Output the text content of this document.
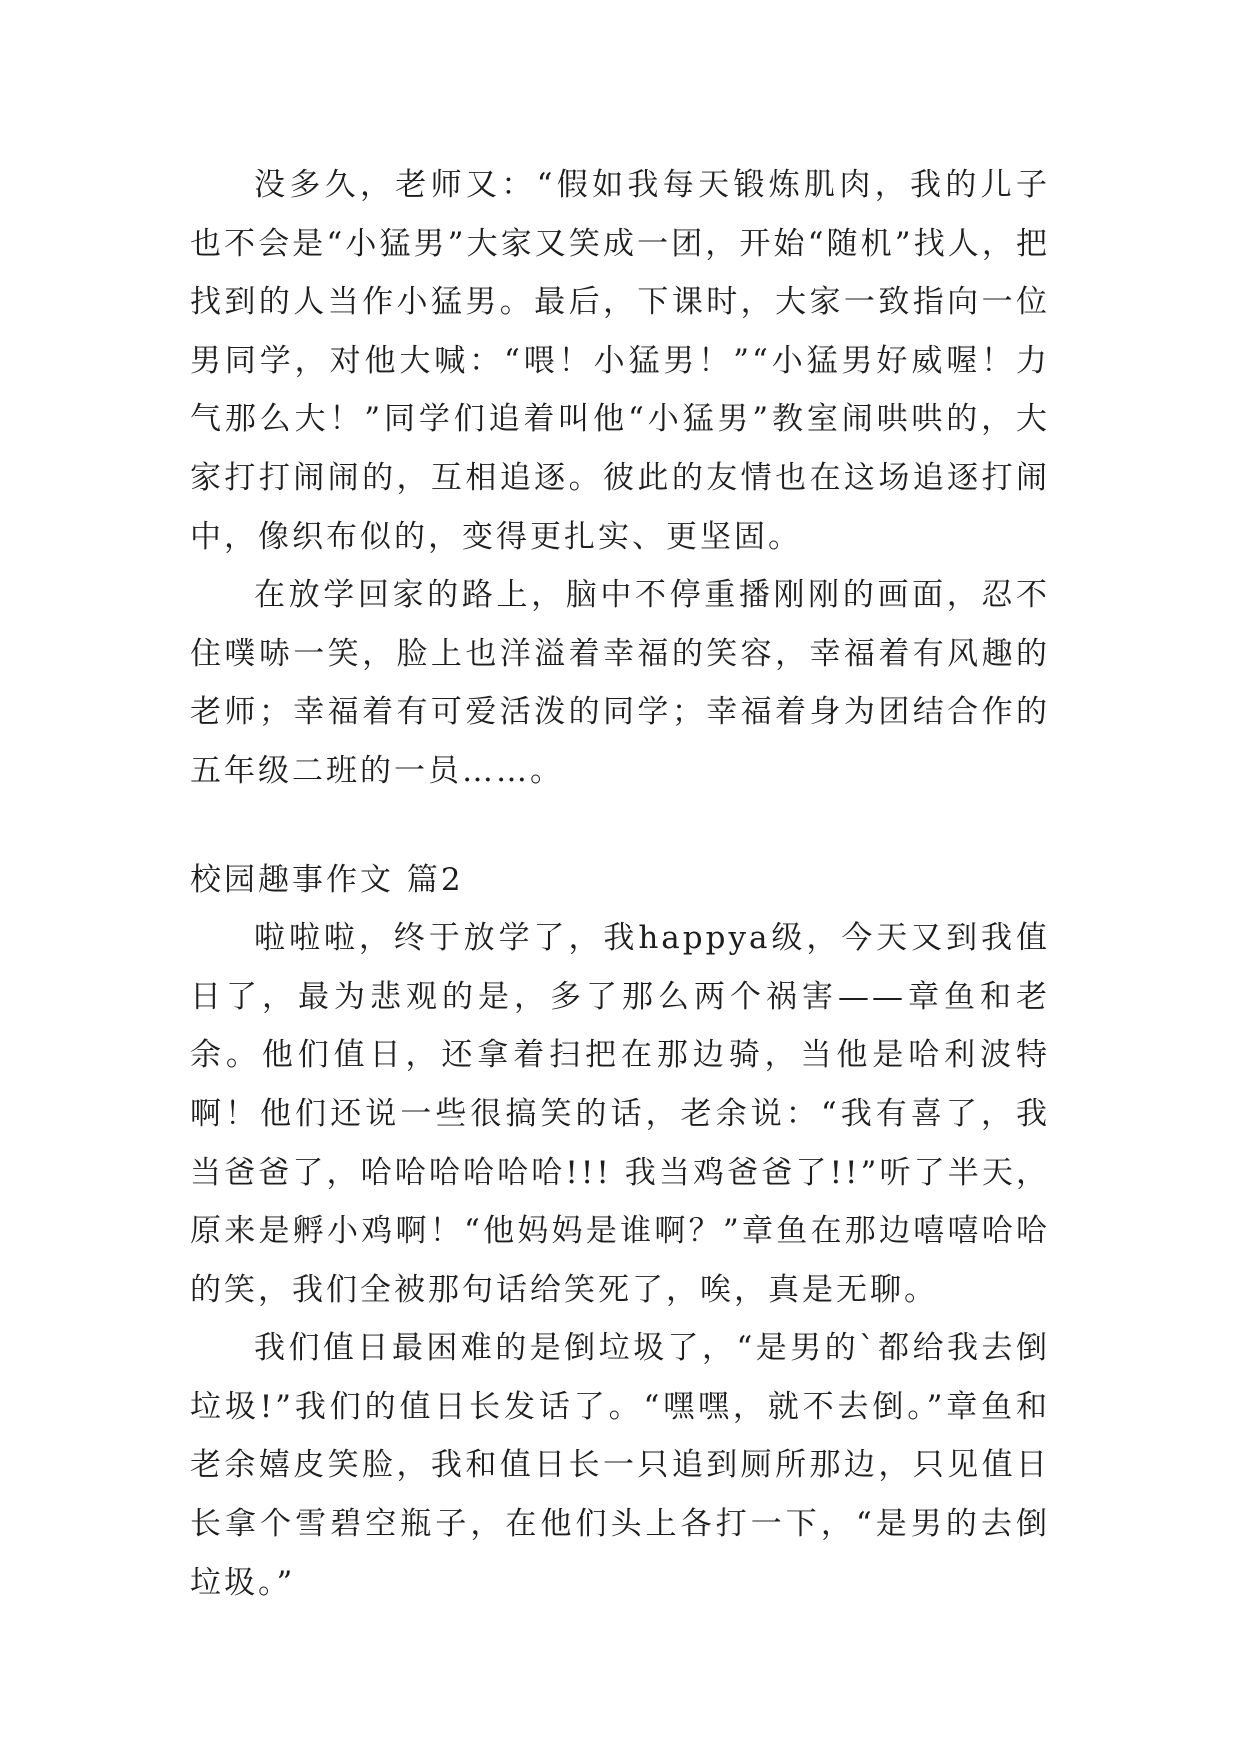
没多久，老师又：“假如我每天锻炼肌肉，我的儿子也不会是“小猛男”大家又笑成一团，开始“随机”找人，把找到的人当作小猛男。最后，下课时，大家一致指向一位男同学，对他大喊：“喂！小猛男！”“小猛男好威喔！力气那么大！”同学们追着叫他“小猛男”教室闹哄哄的，大家打打闹闹的，互相追逐。彼此的友情也在这场追逐打闹中，像织布似的，变得更扎实、更坚固。

在放学回家的路上，脑中不停重播刚刚的画面，忍不住噗哧一笑，脸上也洋溢着幸福的笑容，幸福着有风趣的老师；幸福着有可爱活泼的同学；幸福着身为团结合作的五年级二班的一员……。

校园趣事作文 篇2

啦啦啦，终于放学了，我happya级，今天又到我值日了，最为悲观的是，多了那么两个祸害——章鱼和老余。他们值日，还拿着扫把在那边骑，当他是哈利波特啊！他们还说一些很搞笑的话，老余说：“我有喜了，我当爸爸了，哈哈哈哈哈哈!!! 我当鸡爸爸了!!”听了半天，原来是孵小鸡啊！“他妈妈是谁啊？”章鱼在那边嘻嘻哈哈的笑，我们全被那句话给笑死了，唉，真是无聊。

我们值日最困难的是倒垃圾了，“是男的`都给我去倒垃圾!”我们的值日长发话了。“嘿嘿，就不去倒。”章鱼和老余嬉皮笑脸，我和值日长一只追到厕所那边，只见值日长拿个雪碧空瓶子，在他们头上各打一下，“是男的去倒垃圾。”
